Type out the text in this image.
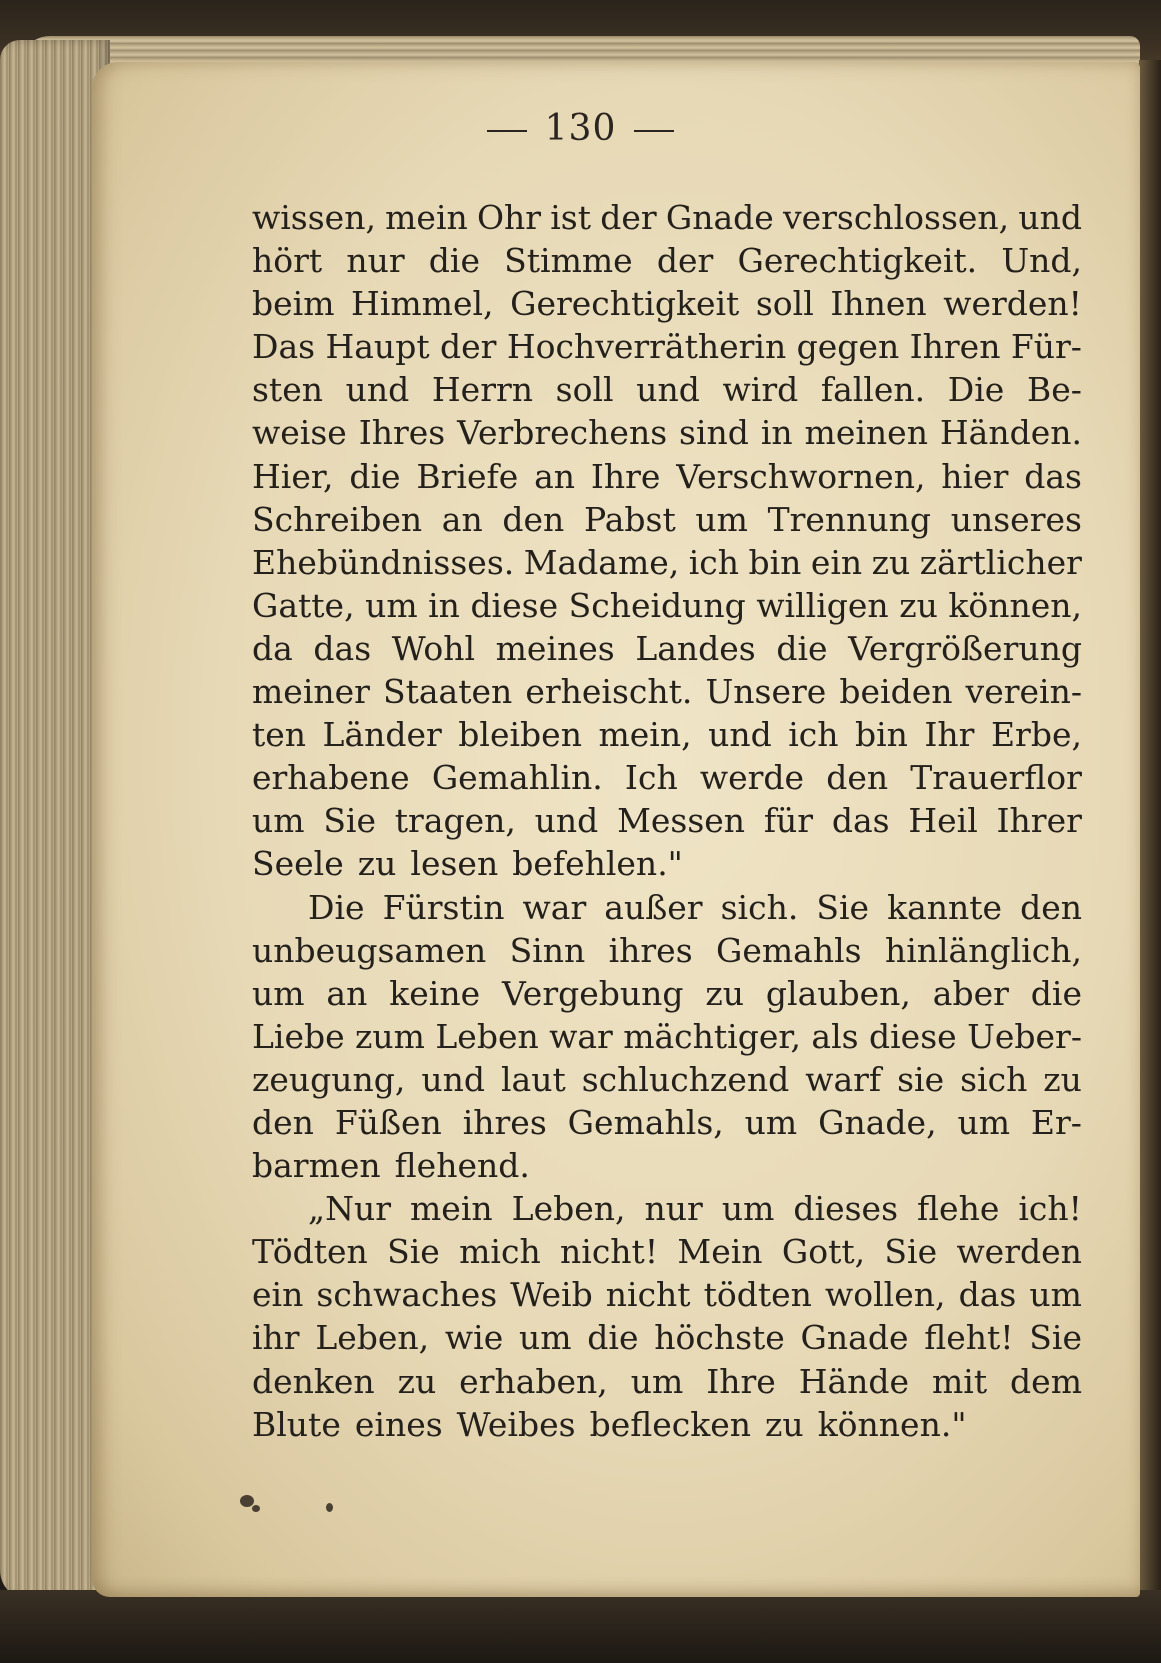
130
wissen, mein Ohr ist der Gnade verschlossen, und
hört nur die Stimme der Gerechtigkeit. Und,
beim Himmel, Gerechtigkeit soll Ihnen werden!
Das Haupt der Hochverrätherin gegen Ihren Für-
sten und Herrn soll und wird fallen. Die Be-
weise Ihres Verbrechens sind in meinen Händen.
Hier, die Briefe an Ihre Verschwornen, hier das
Schreiben an den Pabst um Trennung unseres
Ehebündnisses. Madame, ich bin ein zu zärtlicher
Gatte, um in diese Scheidung willigen zu können,
da das Wohl meines Landes die Vergrößerung
meiner Staaten erheischt. Unsere beiden verein-
ten Länder bleiben mein, und ich bin Ihr Erbe,
erhabene Gemahlin. Ich werde den Trauerflor
um Sie tragen, und Messen für das Heil Ihrer
Seele zu lesen befehlen."
Die Fürstin war außer sich. Sie kannte den
unbeugsamen Sinn ihres Gemahls hinlänglich,
um an keine Vergebung zu glauben, aber die
Liebe zum Leben war mächtiger, als diese Ueber-
zeugung, und laut schluchzend warf sie sich zu
den Füßen ihres Gemahls, um Gnade, um Er-
barmen flehend.
„Nur mein Leben, nur um dieses flehe ich!
Tödten Sie mich nicht! Mein Gott, Sie werden
ein schwaches Weib nicht tödten wollen, das um
ihr Leben, wie um die höchste Gnade fleht! Sie
denken zu erhaben, um Ihre Hände mit dem
Blute eines Weibes beflecken zu können."
